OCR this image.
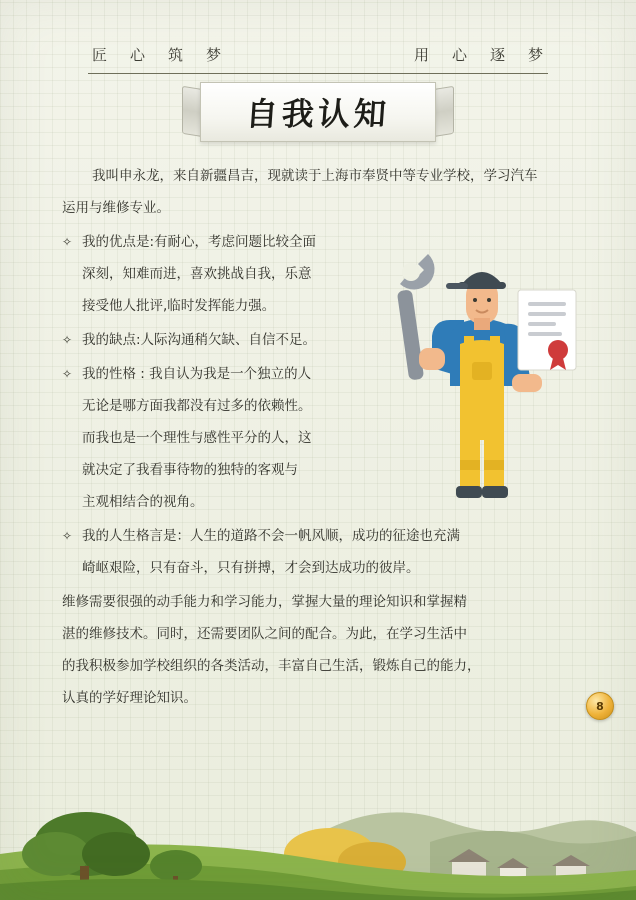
匠 心 筑 梦	用 心 逐 梦
自我认知
我叫申永龙，来自新疆昌吉，现就读于上海市奉贤中等专业学校，学习汽车运用与维修专业。
✧ 我的优点是:有耐心，考虑问题比较全面
深刻，知难而进，喜欢挑战自我，乐意
接受他人批评,临时发挥能力强。
✧ 我的缺点:人际沟通稍欠缺、自信不足。
✧ 我的性格 : 我自认为我是一个独立的人
无论是哪方面我都没有过多的依赖性。
而我也是一个理性与感性平分的人，这
就决定了我看事待物的独特的客观与
主观相结合的视角。
✧ 我的人生格言是：人生的道路不会一帆风顺，成功的征途也充满
崎岖艰险，只有奋斗，只有拼搏，才会到达成功的彼岸。
维修需要很强的动手能力和学习能力，掌握大量的理论知识和掌握精
湛的维修技术。同时，还需要团队之间的配合。为此，在学习生活中
的我积极参加学校组织的各类活动，丰富自己生活，锻炼自己的能力，
认真的学好理论知识。	8
